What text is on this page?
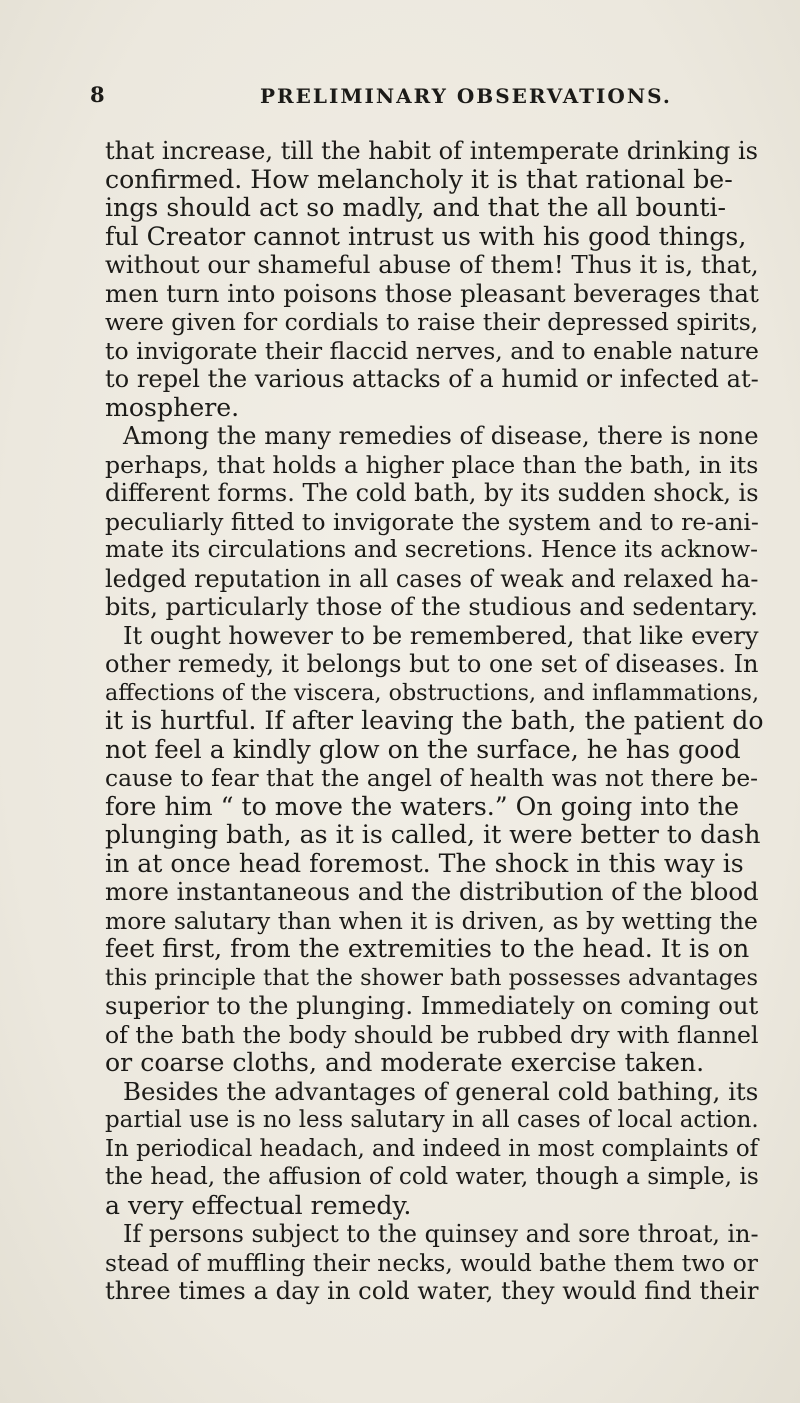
8	PRELIMINARY OBSERVATIONS.
that increase, till the habit of intemperate drinking is
confirmed. How melancholy it is that rational be-
ings should act so madly, and that the all bounti-
ful Creator cannot intrust us with his good things,
without our shameful abuse of them! Thus it is, that,
men turn into poisons those pleasant beverages that
were given for cordials to raise their depressed spirits,
to invigorate their flaccid nerves, and to enable nature
to repel the various attacks of a humid or infected at-
mosphere.
Among the many remedies of disease, there is none
perhaps, that holds a higher place than the bath, in its
different forms. The cold bath, by its sudden shock, is
peculiarly fitted to invigorate the system and to re-ani-
mate its circulations and secretions. Hence its acknow-
ledged reputation in all cases of weak and relaxed ha-
bits, particularly those of the studious and sedentary.
It ought however to be remembered, that like every
other remedy, it belongs but to one set of diseases. In
affections of the viscera, obstructions, and inflammations,
it is hurtful. If after leaving the bath, the patient do
not feel a kindly glow on the surface, he has good
cause to fear that the angel of health was not there be-
fore him “ to move the waters.” On going into the
plunging bath, as it is called, it were better to dash
in at once head foremost. The shock in this way is
more instantaneous and the distribution of the blood
more salutary than when it is driven, as by wetting the
feet first, from the extremities to the head. It is on
this principle that the shower bath possesses advantages
superior to the plunging. Immediately on coming out
of the bath the body should be rubbed dry with flannel
or coarse cloths, and moderate exercise taken.
Besides the advantages of general cold bathing, its
partial use is no less salutary in all cases of local action.
In periodical headach, and indeed in most complaints of
the head, the affusion of cold water, though a simple, is
a very effectual remedy.
If persons subject to the quinsey and sore throat, in-
stead of muffling their necks, would bathe them two or
three times a day in cold water, they would find their
